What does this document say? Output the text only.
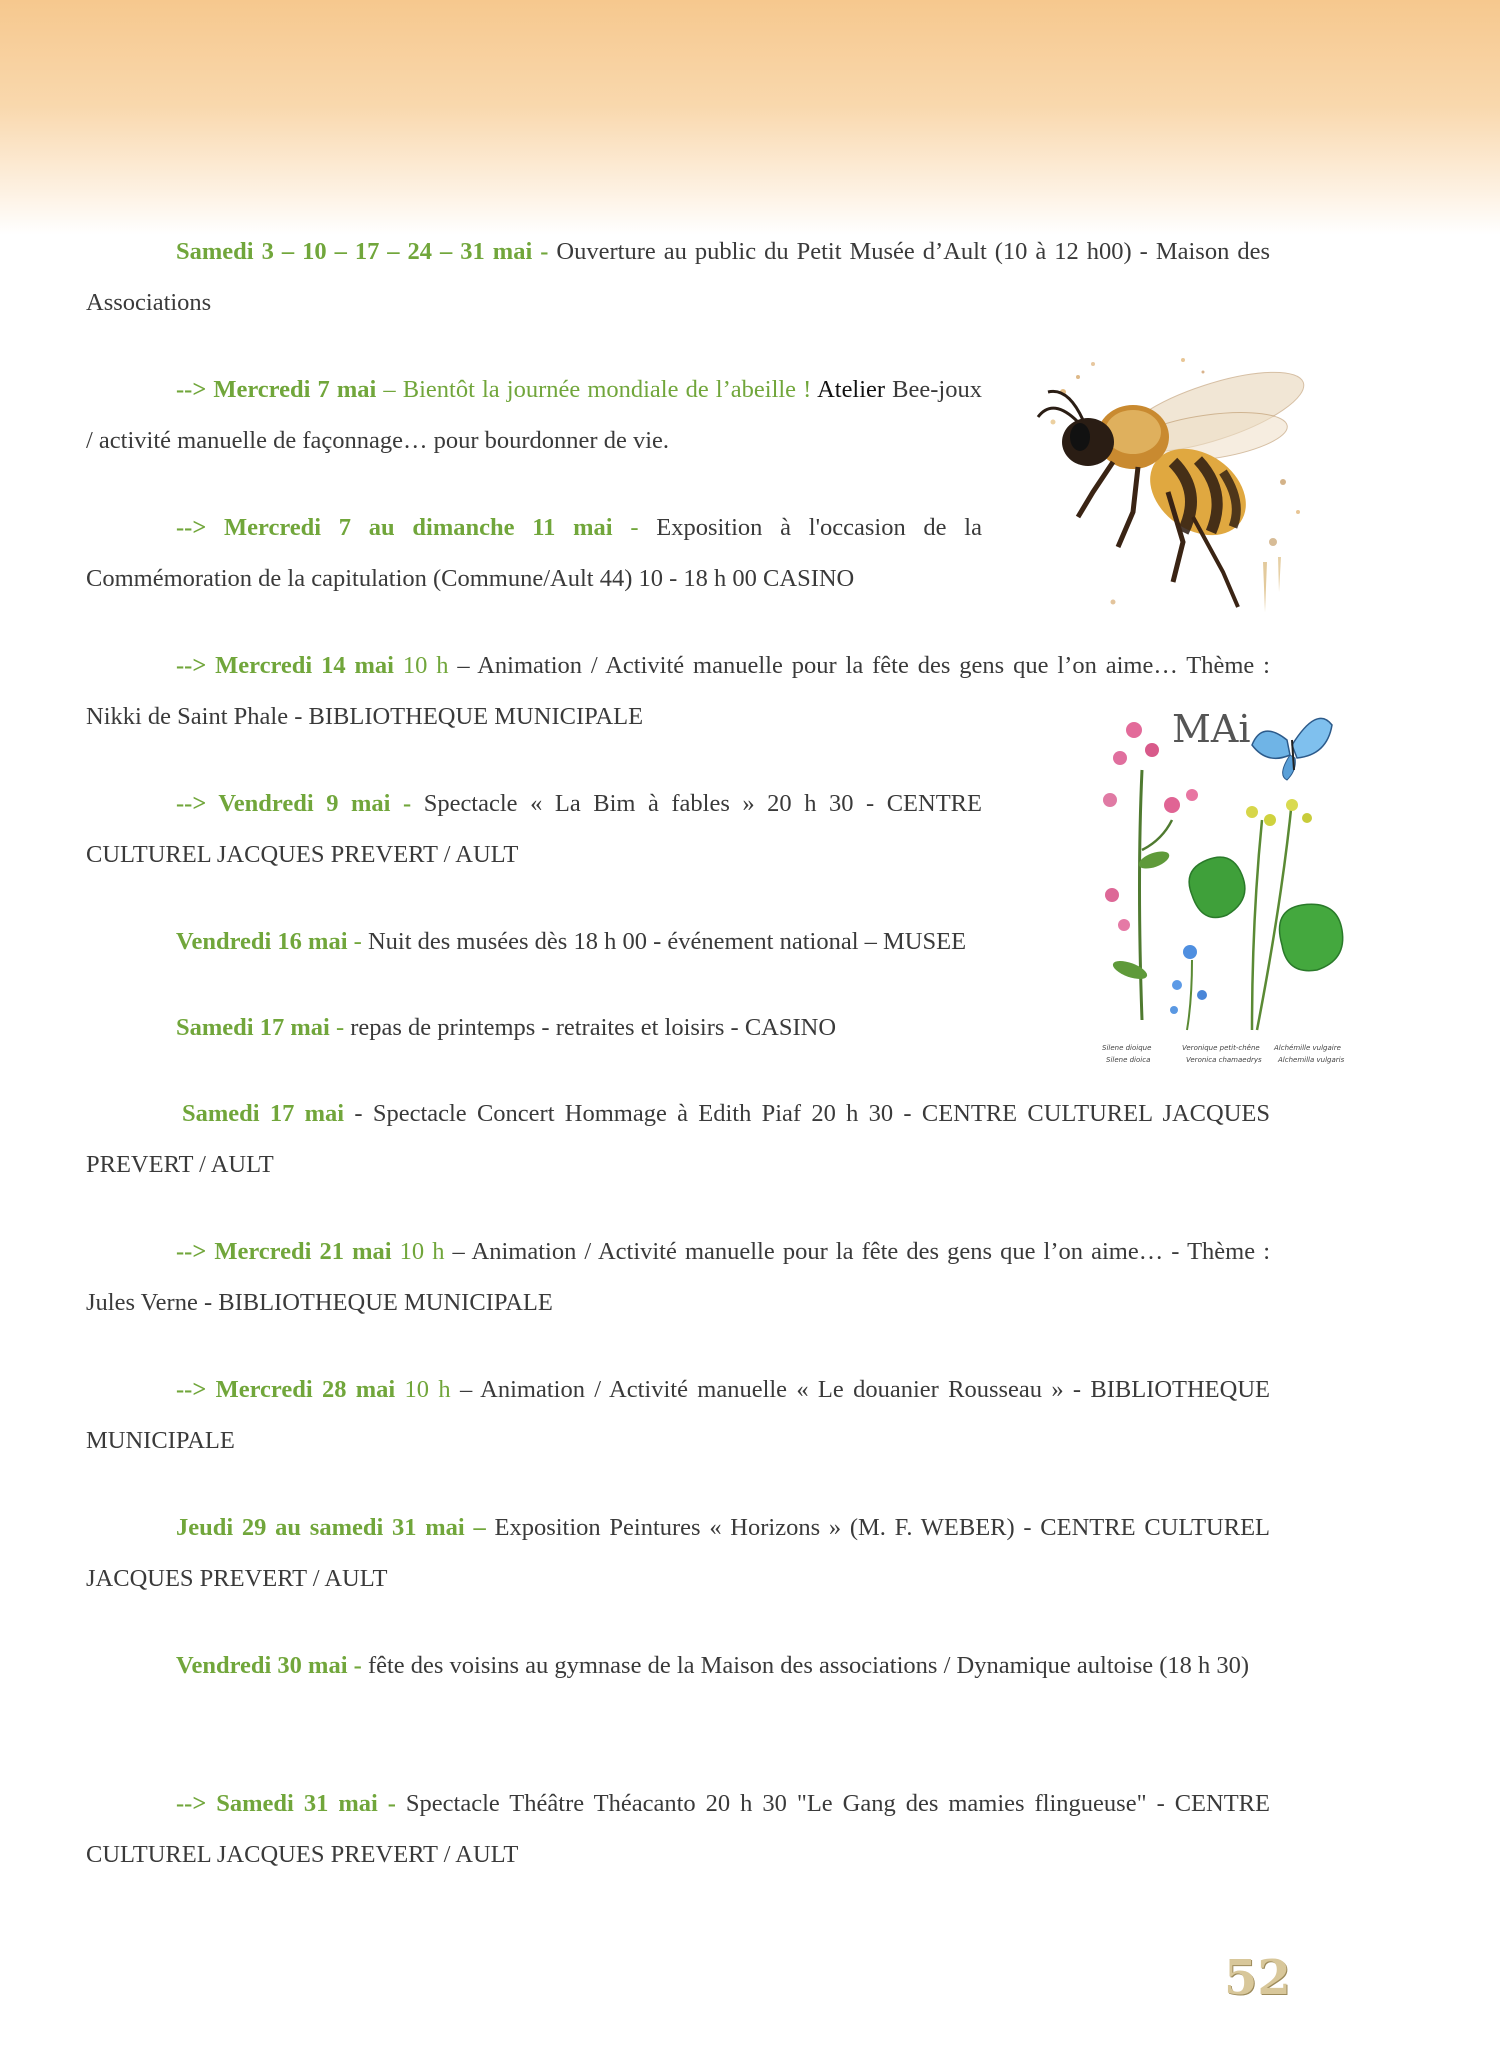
Samedi 3 – 10 – 17 – 24 – 31 mai - Ouverture au public du Petit Musée d’Ault (10 à 12 h00) - Maison des Associations

--> Mercredi 7 mai – Bientôt la journée mondiale de l’abeille ! Atelier Bee-joux / activité manuelle de façonnage… pour bourdonner de vie.

--> Mercredi 7 au dimanche 11 mai - Exposition à l'occasion de la Commémoration de la capitulation (Commune/Ault 44) 10 - 18 h 00 CASINO

--> Mercredi 14 mai 10 h – Animation / Activité manuelle pour la fête des gens que l’on aime… Thème : Nikki de Saint Phale - BIBLIOTHEQUE MUNICIPALE

--> Vendredi 9 mai - Spectacle « La Bim à fables » 20 h 30 - CENTRE CULTUREL JACQUES PREVERT / AULT

Vendredi 16 mai - Nuit des musées dès 18 h 00 - événement national – MUSEE

Samedi 17 mai - repas de printemps - retraites et loisirs - CASINO

Samedi 17 mai - Spectacle Concert Hommage à Edith Piaf 20 h 30 - CENTRE CULTUREL JACQUES PREVERT / AULT

--> Mercredi 21 mai 10 h – Animation / Activité manuelle pour la fête des gens que l’on aime… - Thème : Jules Verne - BIBLIOTHEQUE MUNICIPALE

--> Mercredi 28 mai 10 h – Animation / Activité manuelle « Le douanier Rousseau » - BIBLIOTHEQUE MUNICIPALE

Jeudi 29 au samedi 31 mai – Exposition Peintures « Horizons » (M. F. WEBER) - CENTRE CULTUREL JACQUES PREVERT / AULT

Vendredi 30 mai - fête des voisins au gymnase de la Maison des associations / Dynamique aultoise (18 h 30)

--> Samedi 31 mai - Spectacle Théâtre Théacanto 20 h 30 "Le Gang des mamies flingueuse" - CENTRE CULTUREL JACQUES PREVERT / AULT

MAi
Silene dioique
Silene dioica
Veronique petit-chêne
Veronica chamaedrys
Alchémille vulgaire
Alchemilla vulgaris
52
